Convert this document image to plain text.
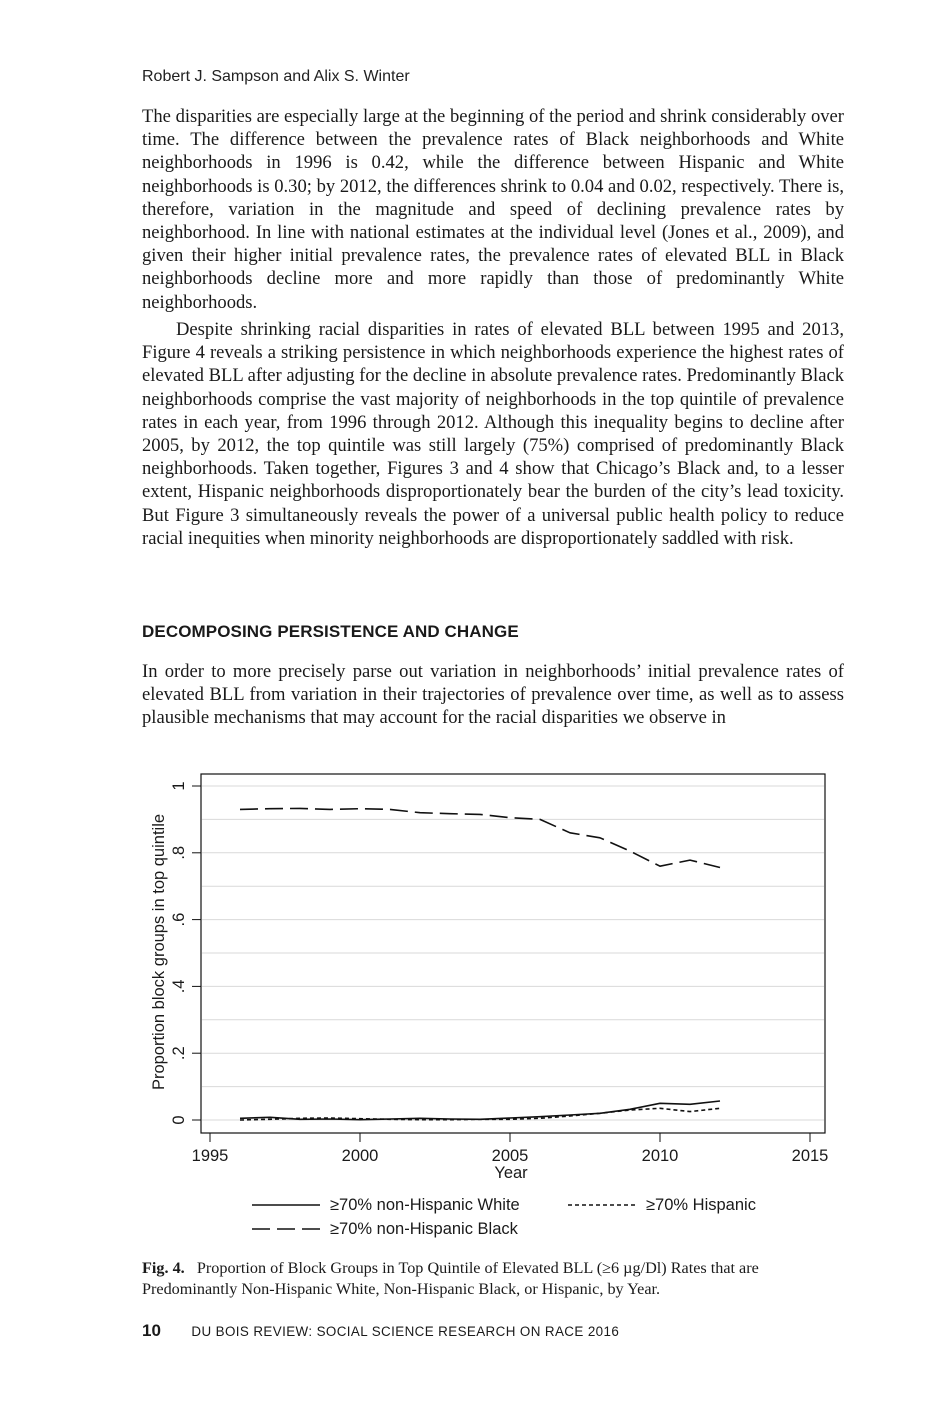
Robert J. Sampson and Alix S. Winter

The disparities are especially large at the beginning of the period and shrink considerably over time. The difference between the prevalence rates of Black neighborhoods and White neighborhoods in 1996 is 0.42, while the difference between Hispanic and White neighborhoods is 0.30; by 2012, the differences shrink to 0.04 and 0.02, respectively. There is, therefore, variation in the magnitude and speed of declining prevalence rates by neighborhood. In line with national estimates at the individual level (Jones et al., 2009), and given their higher initial prevalence rates, the prevalence rates of elevated BLL in Black neighborhoods decline more and more rapidly than those of predominantly White neighborhoods.

Despite shrinking racial disparities in rates of elevated BLL between 1995 and 2013, Figure 4 reveals a striking persistence in which neighborhoods experience the highest rates of elevated BLL after adjusting for the decline in absolute prevalence rates. Predominantly Black neighborhoods comprise the vast majority of neighborhoods in the top quintile of prevalence rates in each year, from 1996 through 2012. Although this inequality begins to decline after 2005, by 2012, the top quintile was still largely (75%) comprised of predominantly Black neighborhoods. Taken together, Figures 3 and 4 show that Chicago’s Black and, to a lesser extent, Hispanic neighborhoods disproportionately bear the burden of the city’s lead toxicity. But Figure 3 simultaneously reveals the power of a universal public health policy to reduce racial inequities when minority neighborhoods are disproportionately saddled with risk.

DECOMPOSING PERSISTENCE AND CHANGE

In order to more precisely parse out variation in neighborhoods’ initial prevalence rates of elevated BLL from variation in their trajectories of prevalence over time, as well as to assess plausible mechanisms that may account for the racial disparities we observe in

0
.2
.4
.6
.8
1
1995	2000	2005	2010	2015
Proportion block groups in top quintile
Year
≥70% non-Hispanic White	≥70% Hispanic
≥70% non-Hispanic Black

Fig. 4. Proportion of Block Groups in Top Quintile of Elevated BLL (≥6 µg/Dl) Rates that are Predominantly Non-Hispanic White, Non-Hispanic Black, or Hispanic, by Year.

10 DU BOIS REVIEW: SOCIAL SCIENCE RESEARCH ON RACE 2016
